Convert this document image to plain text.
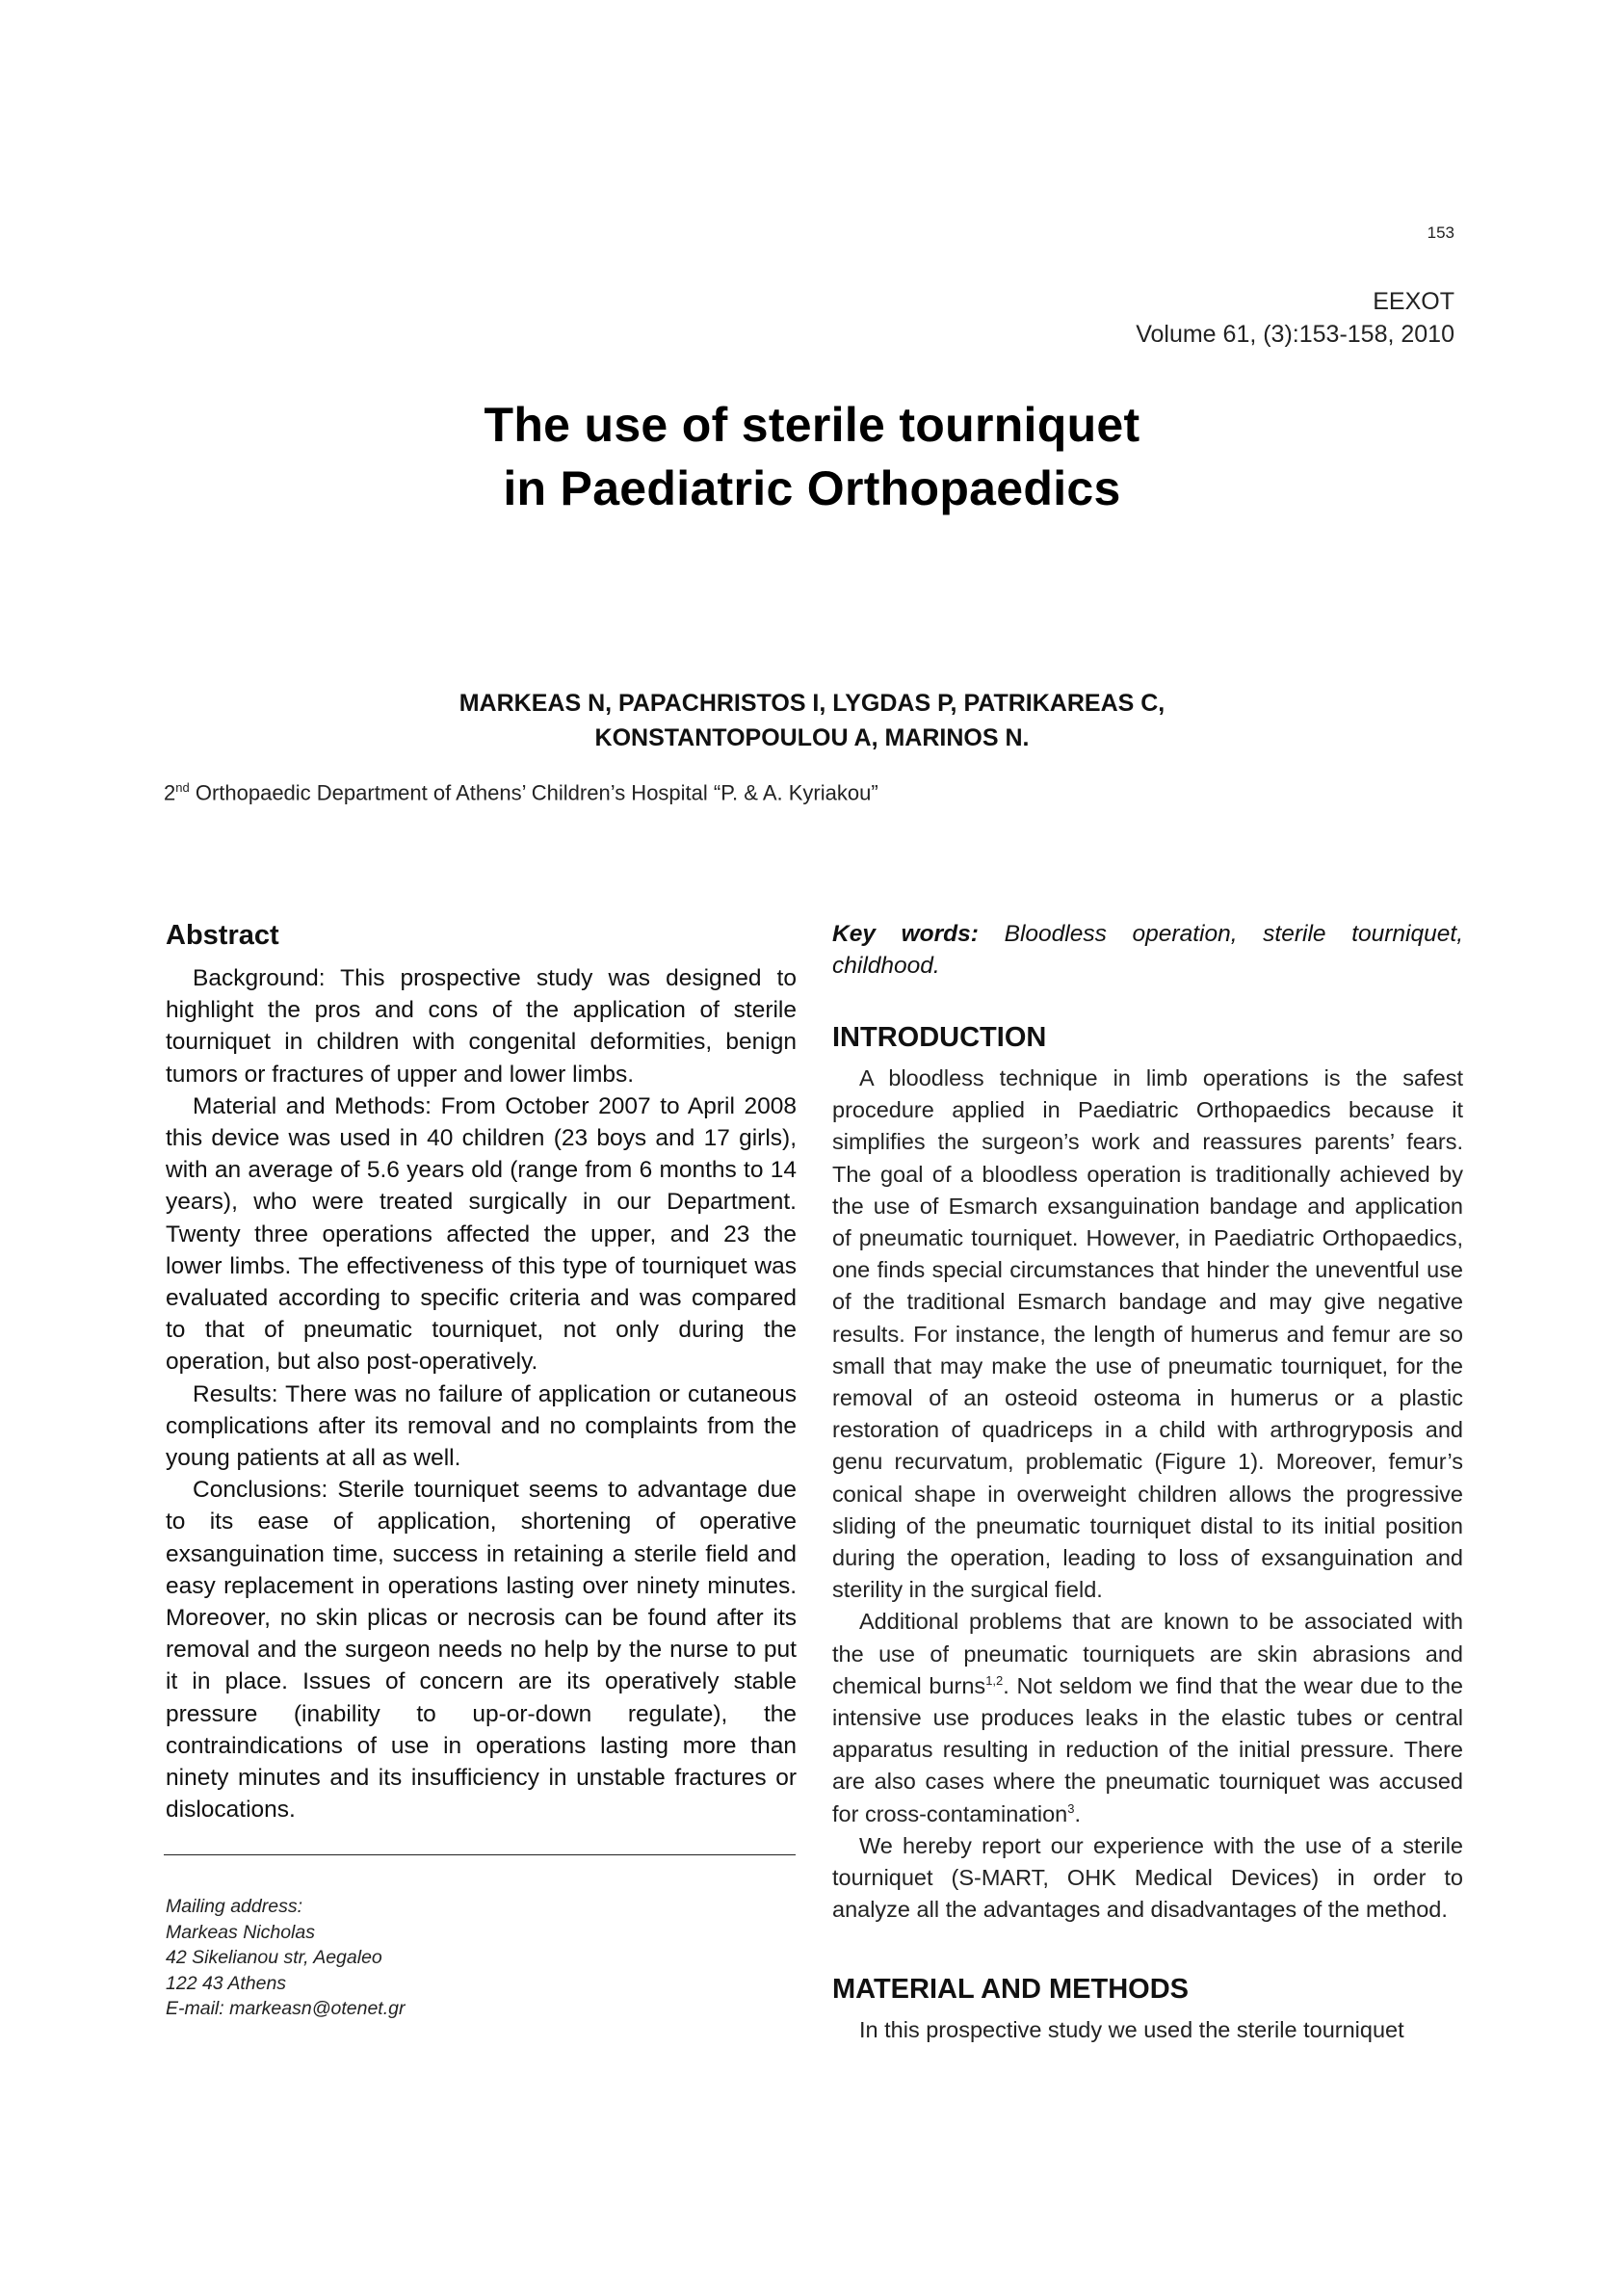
153
EEXOT
Volume 61, (3):153-158, 2010
The use of sterile tourniquet
in Paediatric Orthopaedics
MARKEAS N, PAPACHRISTOS I, LYGDAS P, PATRIKAREAS C,
KONSTANTOPOULOU A, MARINOS N.
2nd Orthopaedic Department of Athens’ Children’s Hospital “P. & A. Kyriakou”
Abstract

Background: This prospective study was designed to highlight the pros and cons of the application of sterile tourniquet in children with congenital deformities, benign tumors or fractures of upper and lower limbs.

Material and Methods: From October 2007 to April 2008 this device was used in 40 children (23 boys and 17 girls), with an average of 5.6 years old (range from 6 months to 14 years), who were treated surgically in our Department. Twenty three operations affected the upper, and 23 the lower limbs. The effectiveness of this type of tourniquet was evaluated according to specific criteria and was compared to that of pneumatic tourniquet, not only during the operation, but also post-operatively.

Results: There was no failure of application or cutaneous complications after its removal and no complaints from the young patients at all as well.

Conclusions: Sterile tourniquet seems to advantage due to its ease of application, shortening of operative exsanguination time, success in retaining a sterile field and easy replacement in operations lasting over ninety minutes. Moreover, no skin plicas or necrosis can be found after its removal and the surgeon needs no help by the nurse to put it in place. Issues of concern are its operatively stable pressure (inability to up-or-down regulate), the contraindications of use in operations lasting more than ninety minutes and its insufficiency in unstable fractures or dislocations.

Mailing address:
Markeas Nicholas
42 Sikelianou str, Aegaleo
122 43 Athens
E-mail: markeasn@otenet.gr

Key words: Bloodless operation, sterile tourniquet, childhood.

INTRODUCTION

A bloodless technique in limb operations is the safest procedure applied in Paediatric Orthopaedics because it simplifies the surgeon’s work and reassures parents’ fears. The goal of a bloodless operation is traditionally achieved by the use of Esmarch exsanguination bandage and application of pneumatic tourniquet. However, in Paediatric Orthopaedics, one finds special circumstances that hinder the uneventful use of the traditional Esmarch bandage and may give negative results. For instance, the length of humerus and femur are so small that may make the use of pneumatic tourniquet, for the removal of an osteoid osteoma in humerus or a plastic restoration of quadriceps in a child with arthrogryposis and genu recurvatum, problematic (Figure 1). Moreover, femur’s conical shape in overweight children allows the progressive sliding of the pneumatic tourniquet distal to its initial position during the operation, leading to loss of exsanguination and sterility in the surgical field.

Additional problems that are known to be associated with the use of pneumatic tourniquets are skin abrasions and chemical burns$^{1,2}$. Not seldom we find that the wear due to the intensive use produces leaks in the elastic tubes or central apparatus resulting in reduction of the initial pressure. There are also cases where the pneumatic tourniquet was accused for cross-contamination$^3$.

We hereby report our experience with the use of a sterile tourniquet (S-MART, OHK Medical Devices) in order to analyze all the advantages and disadvantages of the method.

MATERIAL AND METHODS

In this prospective study we used the sterile tourniquet
